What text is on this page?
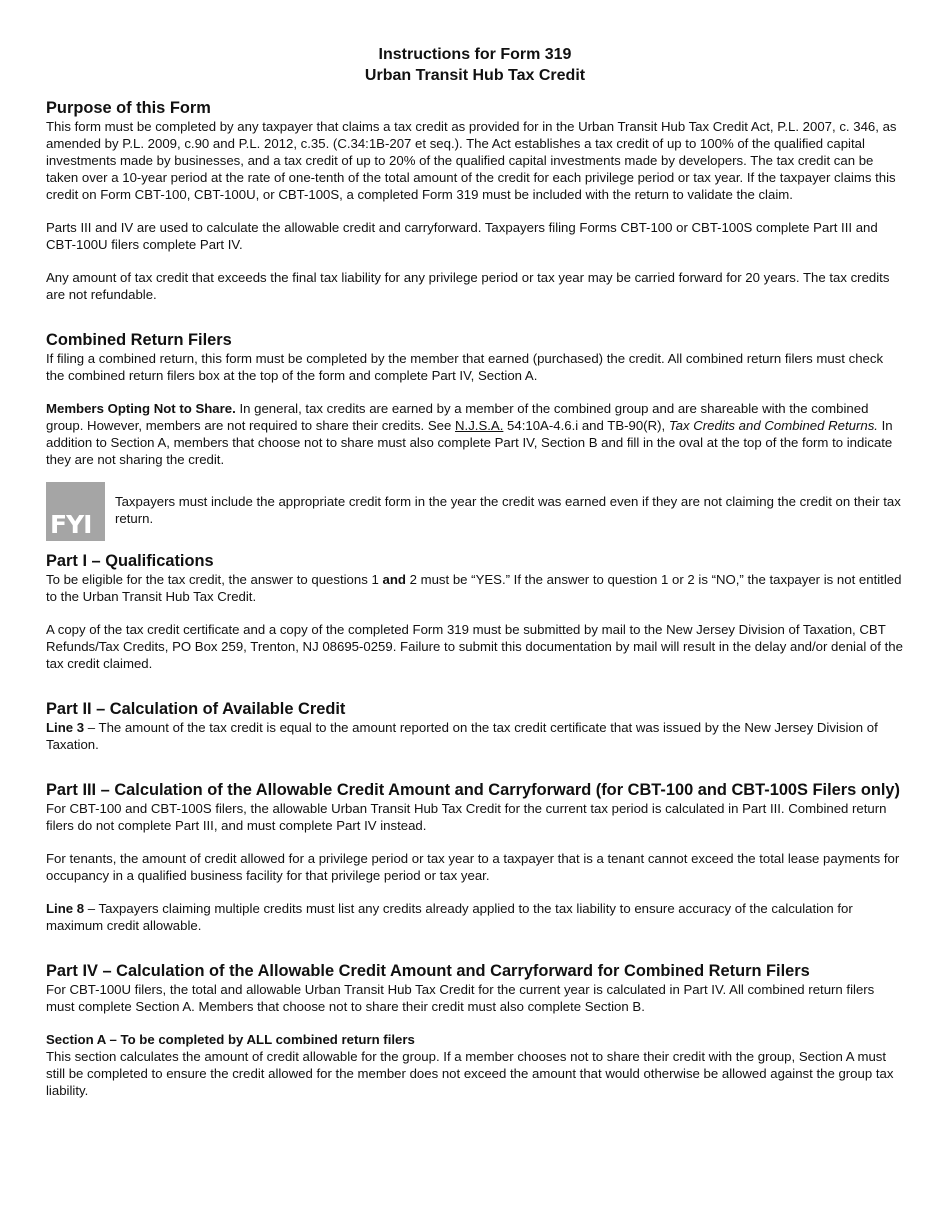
Instructions for Form 319
Urban Transit Hub Tax Credit
Purpose of this Form

This form must be completed by any taxpayer that claims a tax credit as provided for in the Urban Transit Hub Tax Credit Act, P.L. 2007, c. 346, as amended by P.L. 2009, c.90 and P.L. 2012, c.35. (C.34:1B-207 et seq.). The Act establishes a tax credit of up to 100% of the qualified capital investments made by businesses, and a tax credit of up to 20% of the qualified capital investments made by developers. The tax credit can be taken over a 10-year period at the rate of one-tenth of the total amount of the credit for each privilege period or tax year. If the taxpayer claims this credit on Form CBT-100, CBT-100U, or CBT-100S, a completed Form 319 must be included with the return to validate the claim.

Parts III and IV are used to calculate the allowable credit and carryforward. Taxpayers filing Forms CBT-100 or CBT-100S complete Part III and CBT-100U filers complete Part IV.

Any amount of tax credit that exceeds the final tax liability for any privilege period or tax year may be carried forward for 20 years. The tax credits are not refundable.

Combined Return Filers

If filing a combined return, this form must be completed by the member that earned (purchased) the credit. All combined return filers must check the combined return filers box at the top of the form and complete Part IV, Section A.

Members Opting Not to Share. In general, tax credits are earned by a member of the combined group and are shareable with the combined group. However, members are not required to share their credits. See N.J.S.A. 54:10A-4.6.i and TB-90(R), Tax Credits and Combined Returns. In addition to Section A, members that choose not to share must also complete Part IV, Section B and fill in the oval at the top of the form to indicate they are not sharing the credit.

FYI

Taxpayers must include the appropriate credit form in the year the credit was earned even if they are not claiming the credit on their tax return.

Part I – Qualifications

To be eligible for the tax credit, the answer to questions 1 and 2 must be “YES.” If the answer to question 1 or 2 is “NO,” the taxpayer is not entitled to the Urban Transit Hub Tax Credit.

A copy of the tax credit certificate and a copy of the completed Form 319 must be submitted by mail to the New Jersey Division of Taxation, CBT Refunds/Tax Credits, PO Box 259, Trenton, NJ 08695-0259. Failure to submit this documentation by mail will result in the delay and/or denial of the tax credit claimed.

Part II – Calculation of Available Credit

Line 3 – The amount of the tax credit is equal to the amount reported on the tax credit certificate that was issued by the New Jersey Division of Taxation.

Part III – Calculation of the Allowable Credit Amount and Carryforward (for CBT-100 and CBT-100S Filers only)

For CBT-100 and CBT-100S filers, the allowable Urban Transit Hub Tax Credit for the current tax period is calculated in Part III. Combined return filers do not complete Part III, and must complete Part IV instead.

For tenants, the amount of credit allowed for a privilege period or tax year to a taxpayer that is a tenant cannot exceed the total lease payments for occupancy in a qualified business facility for that privilege period or tax year.

Line 8 – Taxpayers claiming multiple credits must list any credits already applied to the tax liability to ensure accuracy of the calculation for maximum credit allowable.

Part IV – Calculation of the Allowable Credit Amount and Carryforward for Combined Return Filers

For CBT-100U filers, the total and allowable Urban Transit Hub Tax Credit for the current year is calculated in Part IV. All combined return filers must complete Section A. Members that choose not to share their credit must also complete Section B.

Section A – To be completed by ALL combined return filers

This section calculates the amount of credit allowable for the group. If a member chooses not to share their credit with the group, Section A must still be completed to ensure the credit allowed for the member does not exceed the amount that would otherwise be allowed against the group tax liability.
